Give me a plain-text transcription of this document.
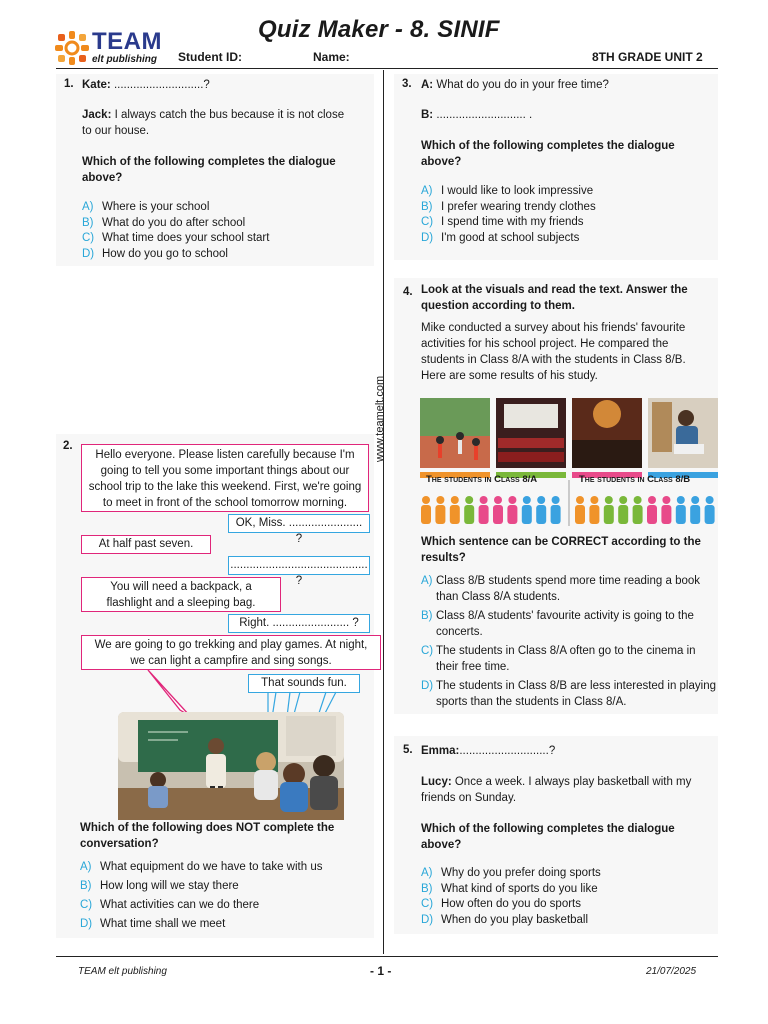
Quiz Maker - 8. SINIF
TEAM
elt publishing Student ID:	Name:	8TH GRADE UNIT 2
www.teamelt.com
1. Kate: ............................?
Jack: I always catch the bus because it is not close to our house.
Which of the following completes the dialogue above?
A) Where is your school
B) What do you do after school
C) What time does your school start
D) How do you go to school
2.
Hello everyone. Please listen carefully because I'm going to tell you some important things about our school trip to the lake this weekend. First, we're going to meet in front of the school tomorrow morning.
OK, Miss. ....................... ?
At half past seven.
........................................... ?
You will need a backpack, a flashlight and a sleeping bag.
Right. ........................ ?
We are going to go trekking and play games. At night, we can light a campfire and sing songs.
That sounds fun.
Which of the following does NOT complete the conversation?
A) What equipment do we have to take with us
B) How long will we stay there
C) What activities can we do there
D) What time shall we meet
3. A: What do you do in your free time?
B: ............................ .
Which of the following completes the dialogue above?
A) I would like to look impressive
B) I prefer wearing trendy clothes
C) I spend time with my friends
D) I'm good at school subjects
4. Look at the visuals and read the text. Answer the question according to them.
Mike conducted a survey about his friends' favourite activities for his school project. He compared the students in Class 8/A with the students in Class 8/B. Here are some results of his study.
The students in Class 8/A	The students in Class 8/B
Which sentence can be CORRECT according to the results?
A) Class 8/B students spend more time reading a book than Class 8/A students.
B) Class 8/A students' favourite activity is going to the concerts.
C) The students in Class 8/A often go to the cinema in their free time.
D) The students in Class 8/B are less interested in playing sports than the students in Class 8/A.
5. Emma:............................?
Lucy: Once a week. I always play basketball with my friends on Sunday.
Which of the following completes the dialogue above?
A) Why do you prefer doing sports
B) What kind of sports do you like
C) How often do you do sports
D) When do you play basketball
TEAM elt publishing	- 1 -	21/07/2025
